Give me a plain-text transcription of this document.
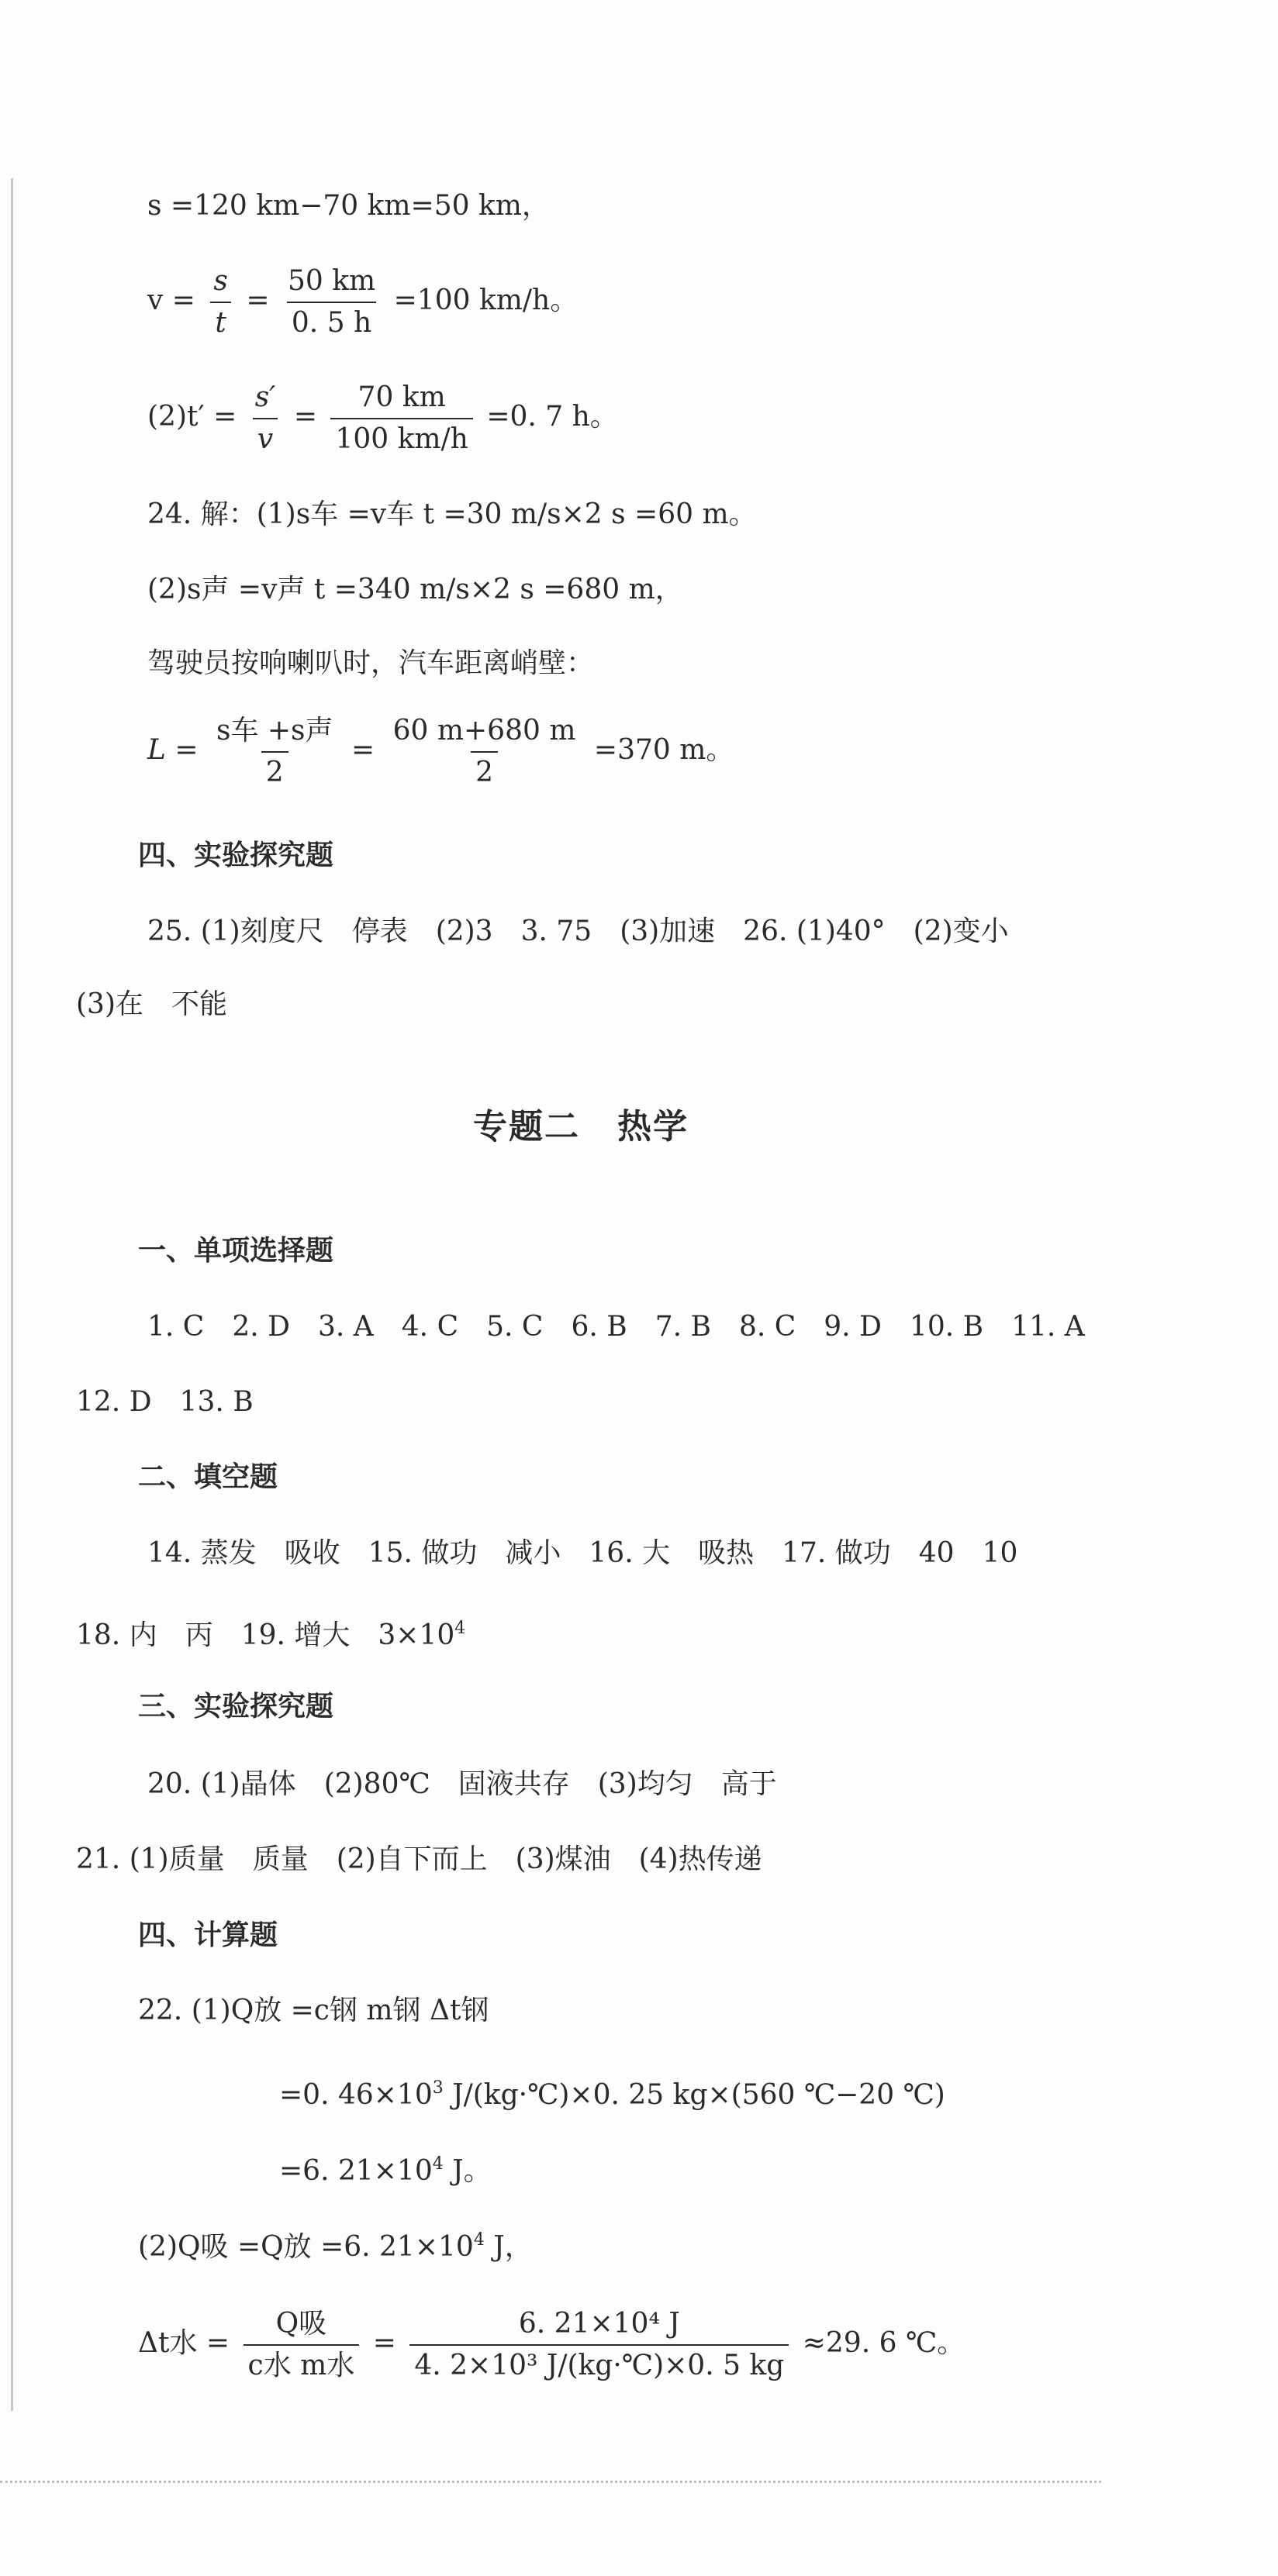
s =120 km−70 km=50 km，
$v = \frac{s}{t} = \frac{50 km}{0. 5 h} =100$ km/h。
$(2)t' = \frac{s'}{v} = \frac{70 km}{100 km/h} =0$. 7 h。
24. 解：(1)s车 =v车 t =30 m/s×2 s =60 m。
(2)s声 =v声 t =340 m/s×2 s =680 m，
驾驶员按响喇叭时，汽车距离峭壁：
$L = \frac{\text{s车 +s声}}{2} = \frac{60 m+680 m}{2} =370$ m。
四、实验探究题
25. (1)刻度尺　停表　(2)3　3. 75　(3)加速　26. (1)40°　(2)变小
(3)在　不能
专题二 热学
一、单项选择题
1. C　2. D　3. A　4. C　5. C　6. B　7. B　8. C　9. D　10. B　11. A
12. D　13. B
二、填空题
14. 蒸发　吸收　15. 做功　减小　16. 大　吸热　17. 做功　40　10
18. 内　丙　19. 增大　$3\times 10^4$
三、实验探究题
20. (1)晶体　(2)80℃　固液共存　(3)均匀　高于
21. (1)质量　质量　(2)自下而上　(3)煤油　(4)热传递
四、计算题
22. (1)Q放 =c钢 m钢 Δt钢
=0. $46\times 10^3$ J/(kg·℃)×0. 25 kg×(560 ℃−20 ℃)
=6. $21\times 10^4$ J。
(2)Q吸 =Q放 =6. $21\times 10^4$ J，
Δt水 = $\frac{\text{Q吸}}{\text{c水 m水}} = \frac{\text{6. 21×10⁴ J}}{\text{4. 2×10³ J/(kg·℃)×0. 5 kg}} \approx 29$. 6 ℃。
